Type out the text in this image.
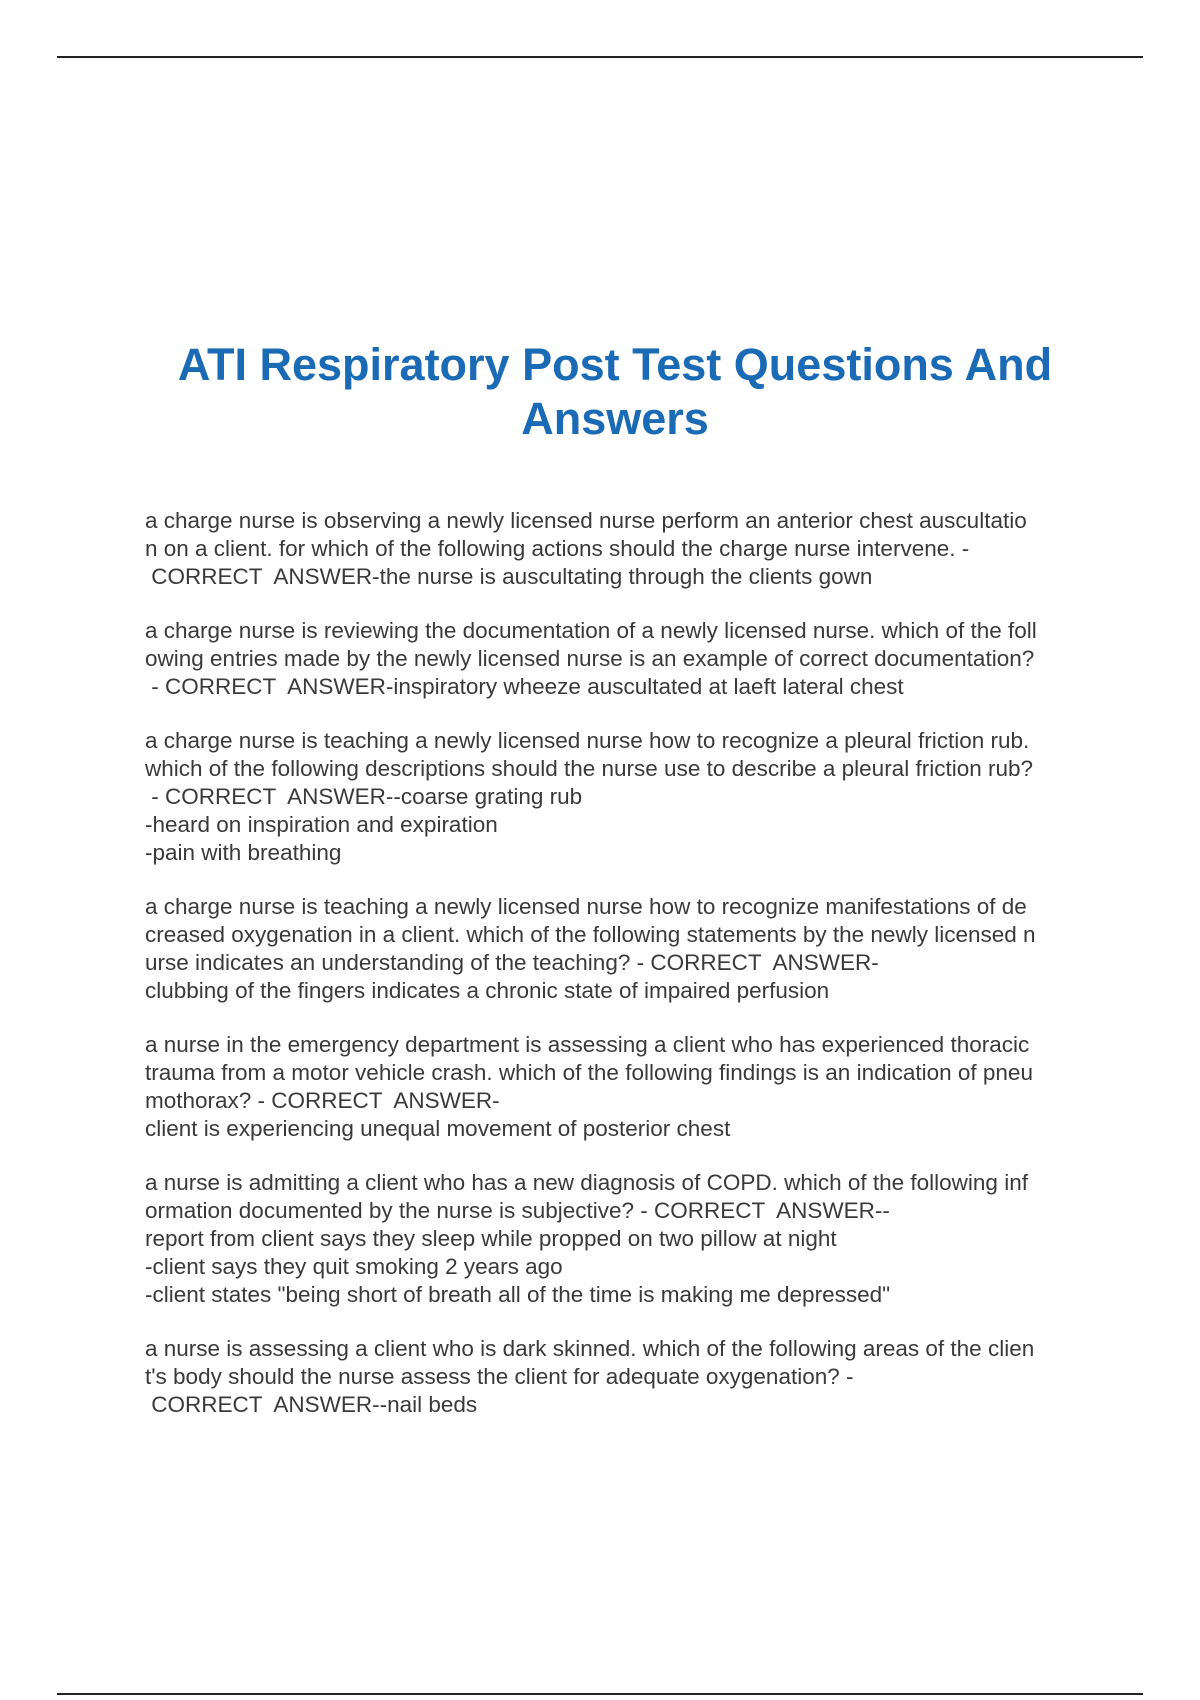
ATI Respiratory Post Test Questions And
Answers
a charge nurse is observing a newly licensed nurse perform an anterior chest auscultatio
n on a client. for which of the following actions should the charge nurse intervene. -
CORRECT  ANSWER-the nurse is auscultating through the clients gown
a charge nurse is reviewing the documentation of a newly licensed nurse. which of the foll
owing entries made by the newly licensed nurse is an example of correct documentation?
- CORRECT  ANSWER-inspiratory wheeze auscultated at laeft lateral chest
a charge nurse is teaching a newly licensed nurse how to recognize a pleural friction rub.
which of the following descriptions should the nurse use to describe a pleural friction rub?
- CORRECT  ANSWER--coarse grating rub
-heard on inspiration and expiration
-pain with breathing
a charge nurse is teaching a newly licensed nurse how to recognize manifestations of de
creased oxygenation in a client. which of the following statements by the newly licensed n
urse indicates an understanding of the teaching? - CORRECT  ANSWER-
clubbing of the fingers indicates a chronic state of impaired perfusion
a nurse in the emergency department is assessing a client who has experienced thoracic
trauma from a motor vehicle crash. which of the following findings is an indication of pneu
mothorax? - CORRECT  ANSWER-
client is experiencing unequal movement of posterior chest
a nurse is admitting a client who has a new diagnosis of COPD. which of the following inf
ormation documented by the nurse is subjective? - CORRECT  ANSWER--
report from client says they sleep while propped on two pillow at night
-client says they quit smoking 2 years ago
-client states "being short of breath all of the time is making me depressed"
a nurse is assessing a client who is dark skinned. which of the following areas of the clien
t's body should the nurse assess the client for adequate oxygenation? -
CORRECT  ANSWER--nail beds
